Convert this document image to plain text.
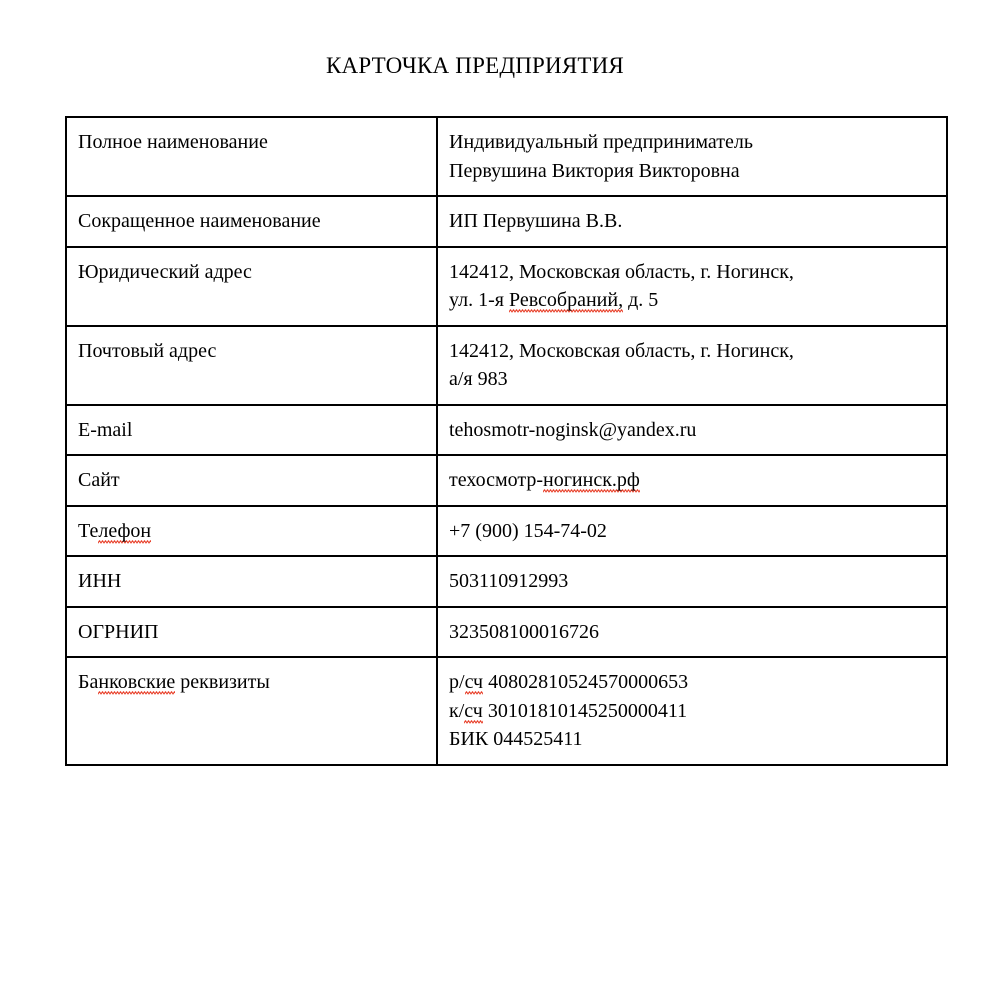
КАРТОЧКА ПРЕДПРИЯТИЯ
Полное наименование	Индивидуальный предприниматель
Первушина Виктория Викторовна

Сокращенное наименование	ИП Первушина В.В.

Юридический адрес	142412, Московская область, г. Ногинск,
ул. 1-я Ревсобраний, д. 5

Почтовый адрес	142412, Московская область, г. Ногинск,
а/я 983

E-mail	tehosmotr-noginsk@yandex.ru

Сайт	техосмотр-ногинск.рф

Телефон	+7 (900) 154-74-02

ИНН	503110912993

ОГРНИП	323508100016726

Банковские реквизиты	р/сч 40802810524570000653
к/сч 30101810145250000411
БИК 044525411
